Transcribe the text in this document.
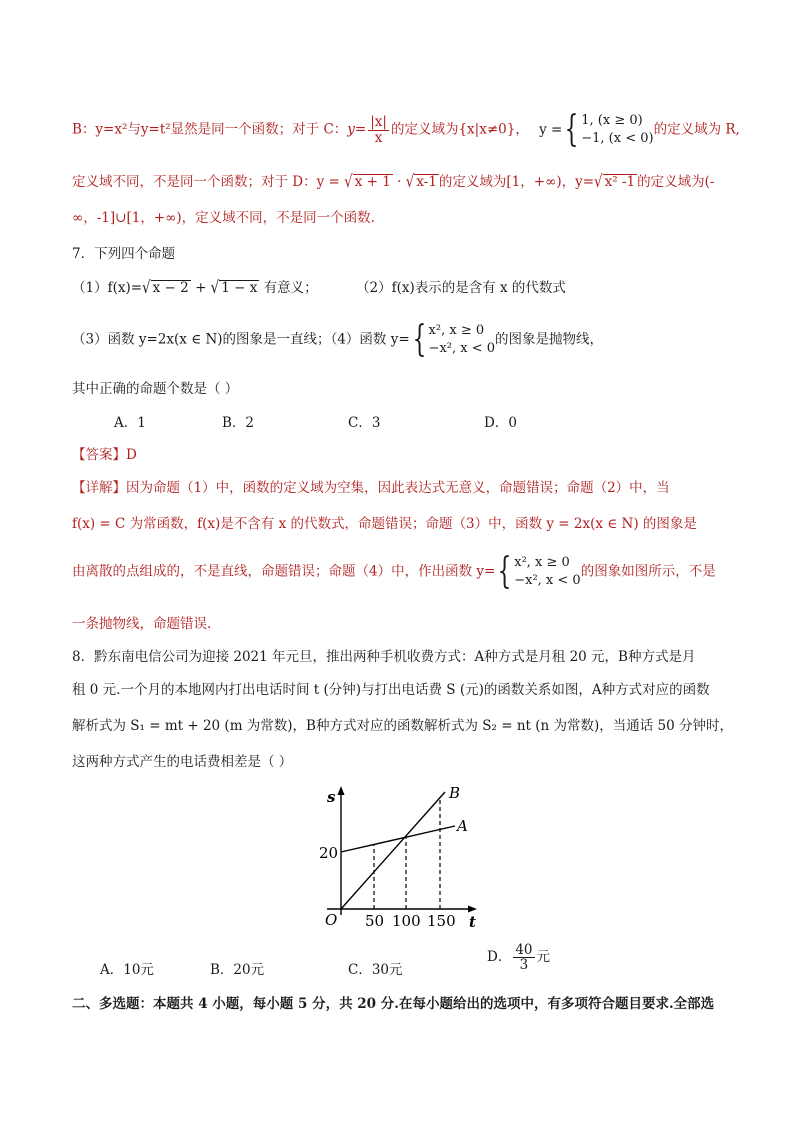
B：y=x²与y=t²显然是同一个函数；对于 C：$y= \frac{|x|}{x}$ 的定义域为{x|x≠0}， y ={ 1, (x ≥ 0)
−1, (x < 0)
的定义域为 R,
定义域不同，不是同一个函数；对于 D：y = √ x + 1 · √ x-1 的定义域为[1，+∞)，y=√ x² -1 的定义域为(-
∞，-1]∪[1，+∞)，定义域不同，不是同一个函数.
7．下列四个命题
（1）f(x)=√ x − 2 + √ 1 − x 有意义；	（2）f(x)表示的是含有 x 的代数式
（3）函数 y=2x(x ∈ N)的图象是一直线；（4）函数 y={ x², x ≥ 0
−x², x < 0
的图象是抛物线，
其中正确的命题个数是（ ）
A．1	B．2	C．3	D．0
【答案】D
【详解】因为命题（1）中，函数的定义域为空集，因此表达式无意义，命题错误；命题（2）中，当
f(x) = C 为常函数，f(x)是不含有 x 的代数式，命题错误；命题（3）中，函数 y = 2x(x ∈ N) 的图象是
由离散的点组成的，不是直线，命题错误；命题（4）中，作出函数 y={ x², x ≥ 0
−x², x < 0
的图象如图所示，不是
一条抛物线，命题错误.
8．黔东南电信公司为迎接 2021 年元旦，推出两种手机收费方式：A种方式是月租 20 元，B种方式是月
租 0 元.一个月的本地网内打出电话时间 t (分钟)与打出电话费 S (元)的函数关系如图，A种方式对应的函数
解析式为 S₁ = mt + 20 (m 为常数)，B种方式对应的函数解析式为 S₂ = nt (n 为常数)，当通话 50 分钟时，
这两种方式产生的电话费相差是（ ）
s
t
O
20
50 100 150
A
B
A．10元	B．20元	C．30元
D． $\frac{40}{3}$ 元
二、多选题：本题共 4 小题，每小题 5 分，共 20 分.在每小题给出的选项中，有多项符合题目要求.全部选
